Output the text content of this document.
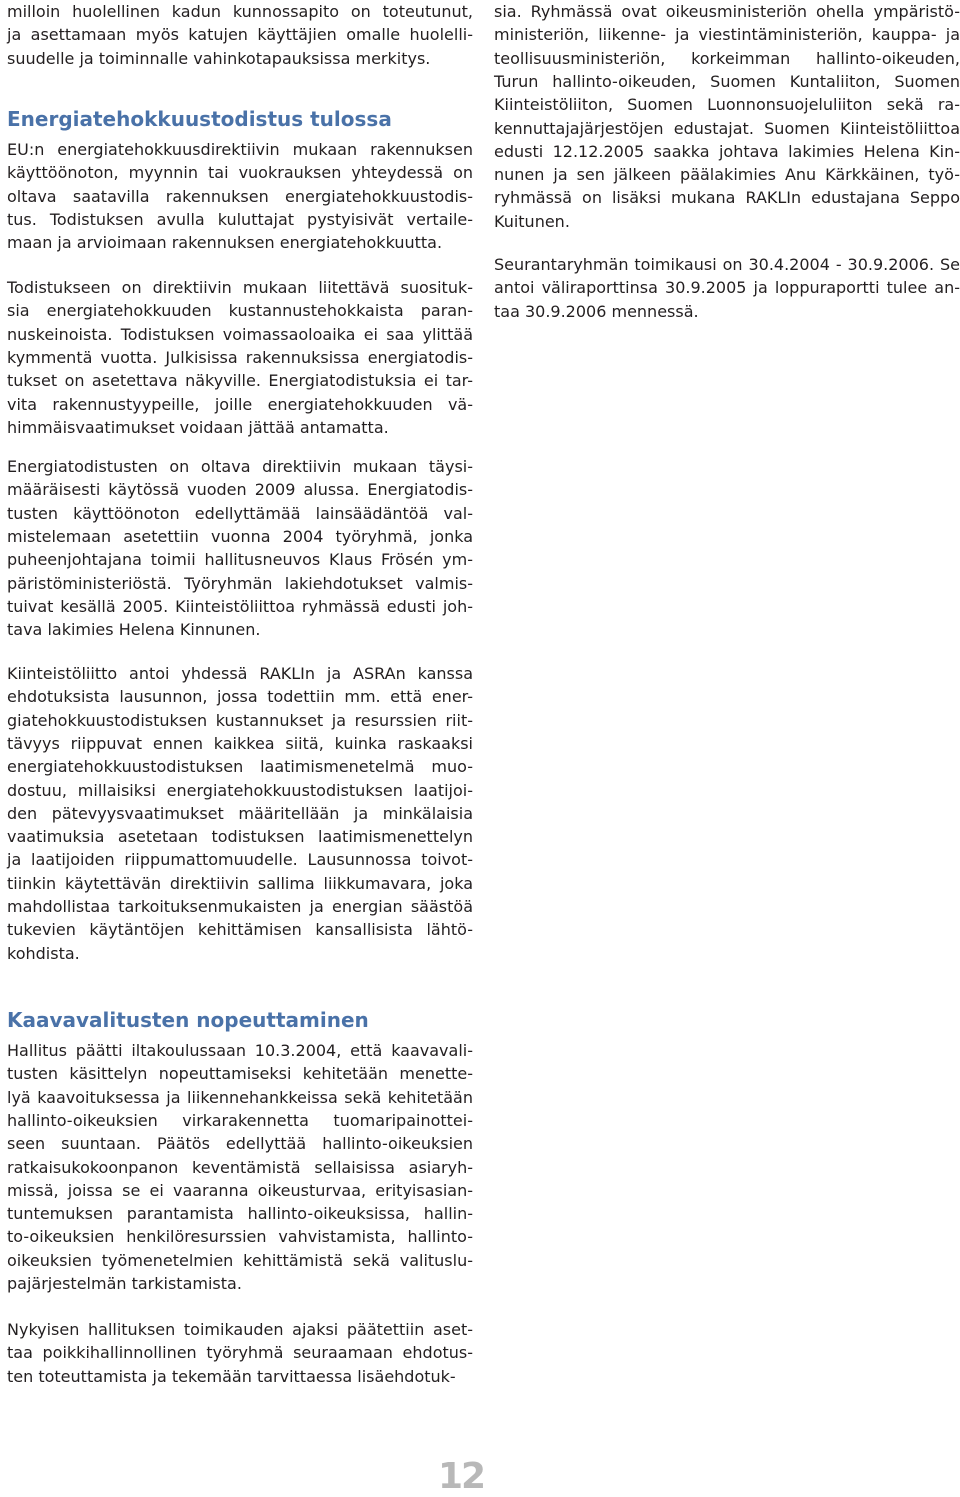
milloin huolellinen kadun kunnossapito on toteutunut,
ja asettamaan myös katujen käyttäjien omalle huolelli-
suudelle ja toiminnalle vahinkotapauksissa merkitys.
Energiatehokkuustodistus tulossa
EU:n energiatehokkuusdirektiivin mukaan rakennuksen
käyttöönoton, myynnin tai vuokrauksen yhteydessä on
oltava saatavilla rakennuksen energiatehokkuustodis-
tus. Todistuksen avulla kuluttajat pystyisivät vertaile-
maan ja arvioimaan rakennuksen energiatehokkuutta.
Todistukseen on direktiivin mukaan liitettävä suosituk-
sia energiatehokkuuden kustannustehokkaista paran-
nuskeinoista. Todistuksen voimassaoloaika ei saa ylittää
kymmentä vuotta. Julkisissa rakennuksissa energiatodis-
tukset on asetettava näkyville. Energiatodistuksia ei tar-
vita rakennustyypeille, joille energiatehokkuuden vä-
himmäisvaatimukset voidaan jättää antamatta.
Energiatodistusten on oltava direktiivin mukaan täysi-
määräisesti käytössä vuoden 2009 alussa. Energiatodis-
tusten käyttöönoton edellyttämää lainsäädäntöä val-
mistelemaan asetettiin vuonna 2004 työryhmä, jonka
puheenjohtajana toimii hallitusneuvos Klaus Frösén ym-
päristöministeriöstä. Työryhmän lakiehdotukset valmis-
tuivat kesällä 2005. Kiinteistöliittoa ryhmässä edusti joh-
tava lakimies Helena Kinnunen.
Kiinteistöliitto antoi yhdessä RAKLIn ja ASRAn kanssa
ehdotuksista lausunnon, jossa todettiin mm. että ener-
giatehokkuustodistuksen kustannukset ja resurssien riit-
tävyys riippuvat ennen kaikkea siitä, kuinka raskaaksi
energiatehokkuustodistuksen laatimismenetelmä muo-
dostuu, millaisiksi energiatehokkuustodistuksen laatijoi-
den pätevyysvaatimukset määritellään ja minkälaisia
vaatimuksia asetetaan todistuksen laatimismenettelyn
ja laatijoiden riippumattomuudelle. Lausunnossa toivot-
tiinkin käytettävän direktiivin sallima liikkumavara, joka
mahdollistaa tarkoituksenmukaisten ja energian säästöä
tukevien käytäntöjen kehittämisen kansallisista lähtö-
kohdista.
Kaavavalitusten nopeuttaminen
Hallitus päätti iltakoulussaan 10.3.2004, että kaavavali-
tusten käsittelyn nopeuttamiseksi kehitetään menette-
lyä kaavoituksessa ja liikennehankkeissa sekä kehitetään
hallinto-oikeuksien virkarakennetta tuomaripainottei-
seen suuntaan. Päätös edellyttää hallinto-oikeuksien
ratkaisukokoonpanon keventämistä sellaisissa asiaryh-
missä, joissa se ei vaaranna oikeusturvaa, erityisasian-
tuntemuksen parantamista hallinto-oikeuksissa, hallin-
to-oikeuksien henkilöresurssien vahvistamista, hallinto-
oikeuksien työmenetelmien kehittämistä sekä valituslu-
pajärjestelmän tarkistamista.
Nykyisen hallituksen toimikauden ajaksi päätettiin aset-
taa poikkihallinnollinen työryhmä seuraamaan ehdotus-
ten toteuttamista ja tekemään tarvittaessa lisäehdotuk-
sia. Ryhmässä ovat oikeusministeriön ohella ympäristö-
ministeriön, liikenne- ja viestintäministeriön, kauppa- ja
teollisuusministeriön, korkeimman hallinto-oikeuden,
Turun hallinto-oikeuden, Suomen Kuntaliiton, Suomen
Kiinteistöliiton, Suomen Luonnonsuojeluliiton sekä ra-
kennuttajajärjestöjen edustajat. Suomen Kiinteistöliittoa
edusti 12.12.2005 saakka johtava lakimies Helena Kin-
nunen ja sen jälkeen päälakimies Anu Kärkkäinen, työ-
ryhmässä on lisäksi mukana RAKLIn edustajana Seppo
Kuitunen.
Seurantaryhmän toimikausi on 30.4.2004 - 30.9.2006. Se
antoi väliraporttinsa 30.9.2005 ja loppuraportti tulee an-
taa 30.9.2006 mennessä.
12
